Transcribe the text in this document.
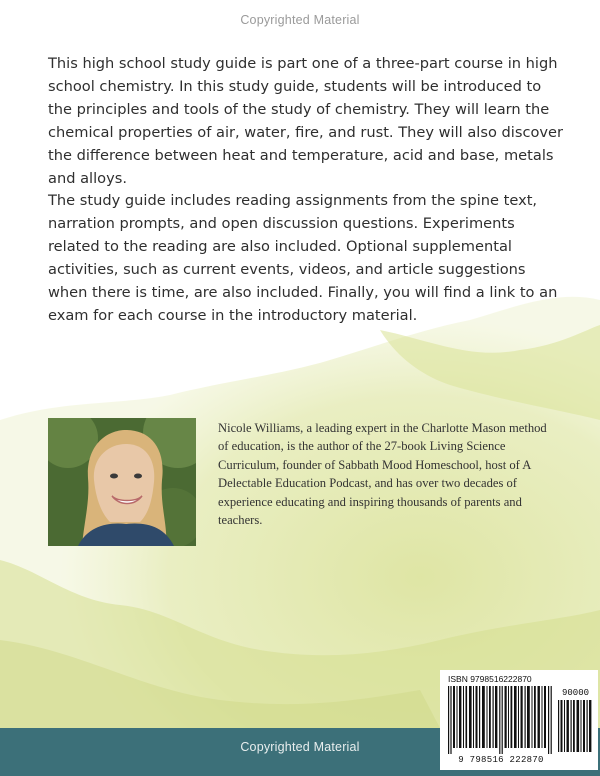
Copyrighted Material

This high school study guide is part one of a three-part course in high school chemistry. In this study guide, students will be introduced to the principles and tools of the study of chemistry. They will learn the chemical properties of air, water, fire, and rust. They will also discover the difference between heat and temperature, acid and base, metals and alloys.

The study guide includes reading assignments from the spine text, narration prompts, and open discussion questions. Experiments related to the reading are also included. Optional supplemental activities, such as current events, videos, and article suggestions when there is time, are also included. Finally, you will find a link to an exam for each course in the introductory material.

Nicole Williams, a leading expert in the Charlotte Mason method of education, is the author of the 27-book Living Science Curriculum, founder of Sabbath Mood Homeschool, host of A Delectable Education Podcast, and has over two decades of experience educating and inspiring thousands of parents and teachers.

ISBN 9798516222870
90000
9 798516 222870
Copyrighted Material
